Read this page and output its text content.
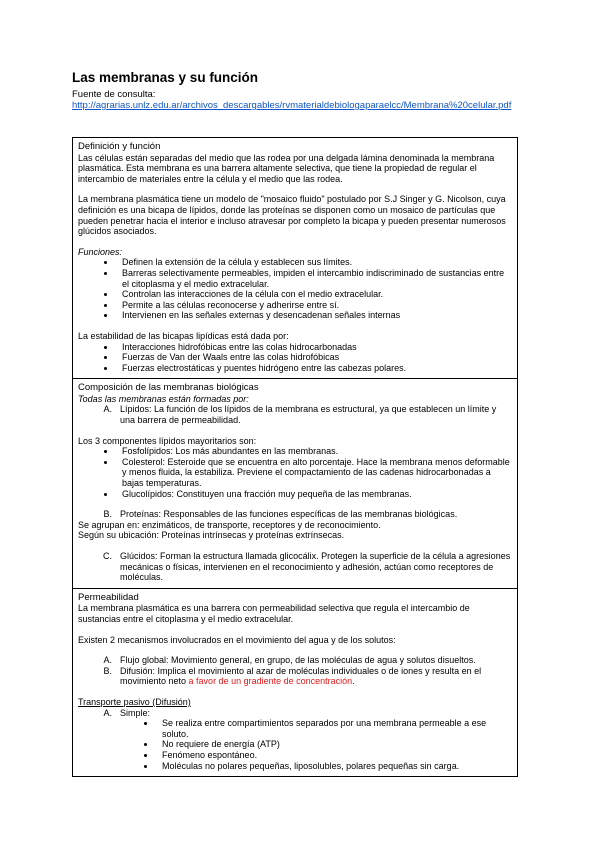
Las membranas y su función
Fuente de consulta:
http://agrarias.unlz.edu.ar/archivos_descargables/rvmaterialdebiologaparaelcc/Membrana%20celular.pdf

Definición y función

Las células están separadas del medio que las rodea por una delgada lámina denominada la membrana plasmática. Esta membrana es una barrera altamente selectiva, que tiene la propiedad de regular el intercambio de materiales entre la célula y el medio que las rodea.

La membrana plasmática tiene un modelo de "mosaico fluido" postulado por S.J Singer y G. Nicolson, cuya definición es una bicapa de lípidos, donde las proteínas se disponen como un mosaico de partículas que pueden penetrar hacia el interior e incluso atravesar por completo la bicapa y pueden presentar numerosos glúcidos asociados.

Funciones:

• Definen la extensión de la célula y establecen sus límites.
• Barreras selectivamente permeables, impiden el intercambio indiscriminado de sustancias entre el citoplasma y el medio extracelular.
• Controlan las interacciones de la célula con el medio extracelular.
• Permite a las células reconocerse y adherirse entre sí.
• Intervienen en las señales externas y desencadenan señales internas

La estabilidad de las bicapas lipídicas está dada por:

• Interacciones hidrofóbicas entre las colas hidrocarbonadas
• Fuerzas de Van der Waals entre las colas hidrofóbicas
• Fuerzas electrostáticas y puentes hidrógeno entre las cabezas polares.

Composición de las membranas biológicas

Todas las membranas están formadas por:

A. Lípidos: La función de los lípidos de la membrana es estructural, ya que establecen un límite y una barrera de permeabilidad.

Los 3 componentes lípidos mayoritarios son:

• Fosfolípidos: Los más abundantes en las membranas.
• Colesterol: Esteroide que se encuentra en alto porcentaje. Hace la membrana menos deformable y menos fluida, la estabiliza. Previene el compactamiento de las cadenas hidrocarbonadas a bajas temperaturas.
• Glucolípidos: Constituyen una fracción muy pequeña de las membranas.
B. Proteínas: Responsables de las funciones específicas de las membranas biológicas.

Se agrupan en: enzimáticos, de transporte, receptores y de reconocimiento.

Según su ubicación: Proteínas intrínsecas y proteínas extrínsecas.

C. Glúcidos: Forman la estructura llamada glicocálix. Protegen la superficie de la célula a agresiones mecánicas o físicas, intervienen en el reconocimiento y adhesión, actúan como receptores de moléculas.

Permeabilidad

La membrana plasmática es una barrera con permeabilidad selectiva que regula el intercambio de sustancias entre el citoplasma y el medio extracelular.

Existen 2 mecanismos involucrados en el movimiento del agua y de los solutos:

A. Flujo global: Movimiento general, en grupo, de las moléculas de agua y solutos disueltos.
B. Difusión: Implica el movimiento al azar de moléculas individuales o de iones y resulta en el movimiento neto a favor de un gradiente de concentración.

Transporte pasivo (Difusión)

A. Simple:
• Se realiza entre compartimientos separados por una membrana permeable a ese soluto.
• No requiere de energía (ATP)
• Fenómeno espontáneo.
• Moléculas no polares pequeñas, liposolubles, polares pequeñas sin carga.
